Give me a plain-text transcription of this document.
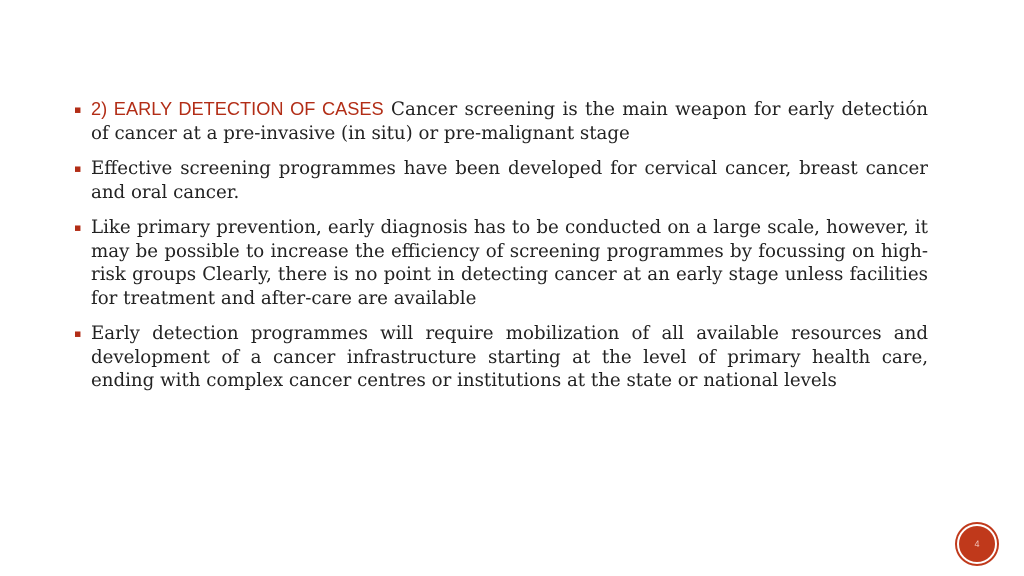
▪ 2) EARLY DETECTION OF CASES Cancer screening is the main weapon for early detectión of cancer at a pre-invasive (in situ) or pre-malignant stage
▪ Effective screening programmes have been developed for cervical cancer, breast cancer and oral cancer.
▪ Like primary prevention, early diagnosis has to be conducted on a large scale, however, it may be possible to increase the efficiency of screening programmes by focussing on high-risk groups Clearly, there is no point in detecting cancer at an early stage unless facilities for treatment and after-care are available
▪ Early detection programmes will require mobilization of all available resources and development of a cancer infrastructure starting at the level of primary health care, ending with complex cancer centres or institutions at the state or national levels
4
